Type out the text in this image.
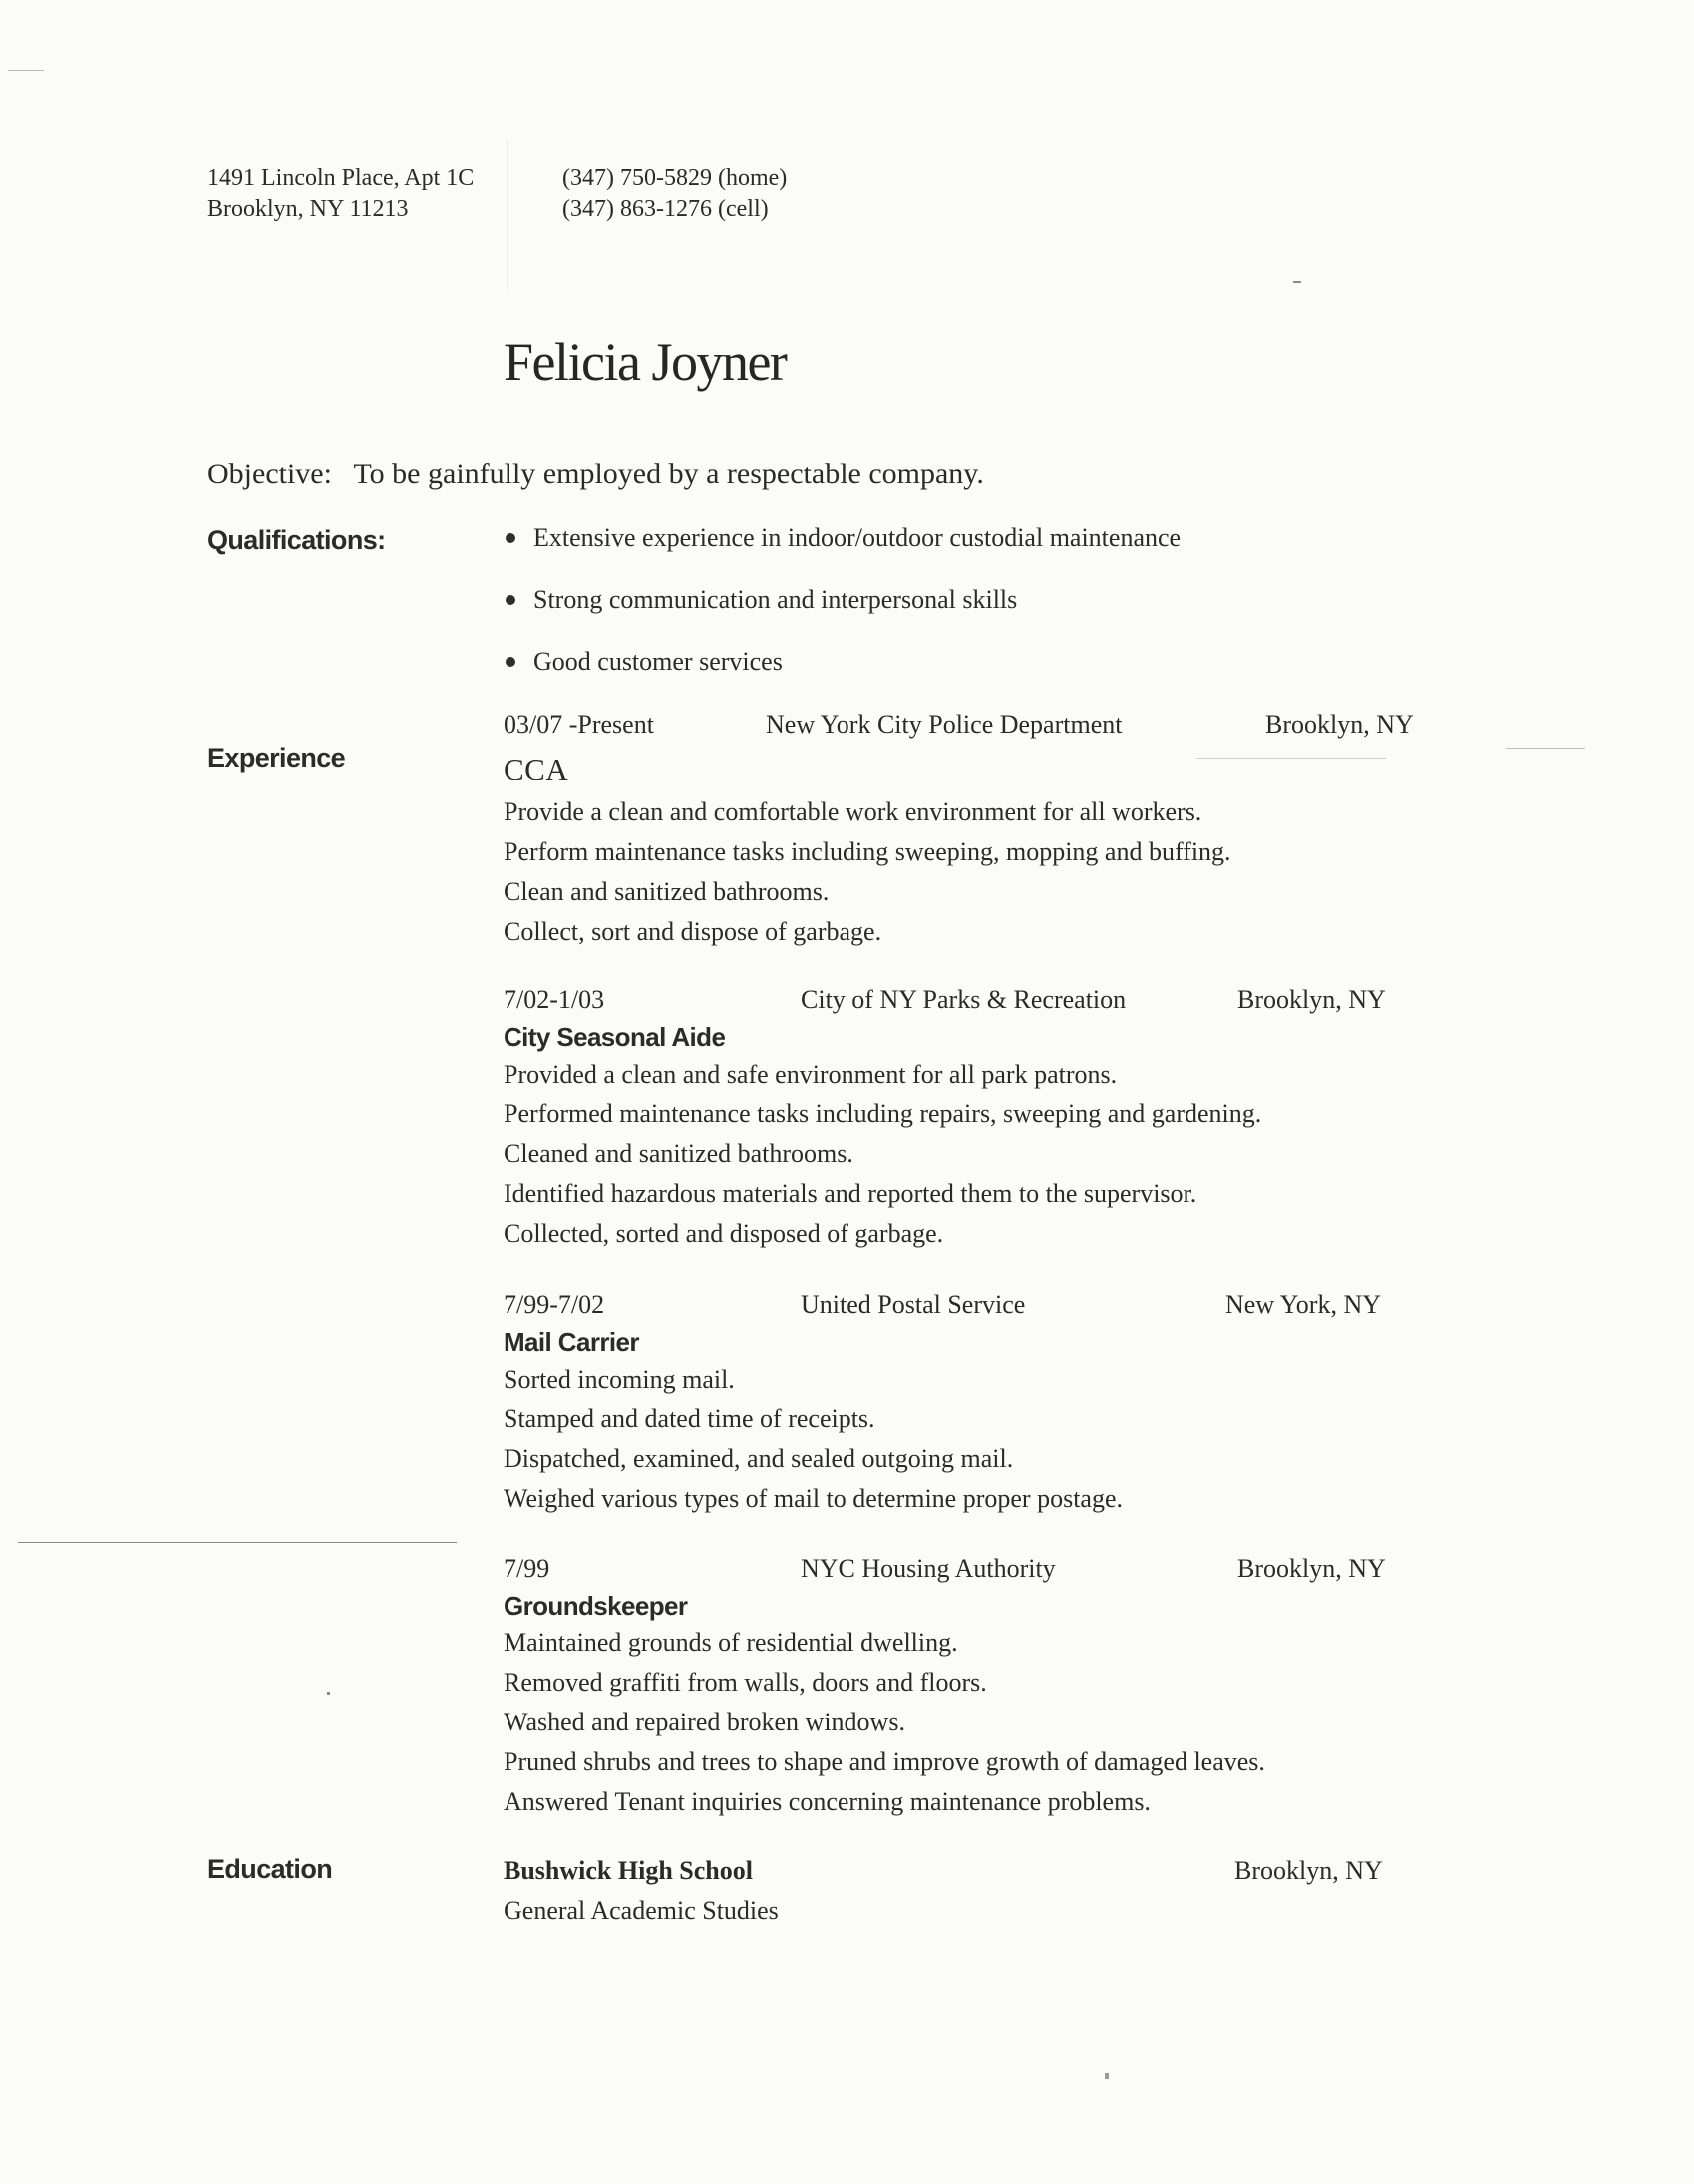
1491 Lincoln Place, Apt 1C
Brooklyn, NY 11213
(347) 750-5829 (home)
(347) 863-1276 (cell)
Felicia Joyner
Objective: To be gainfully employed by a respectable company.
Qualifications:	Extensive experience in indoor/outdoor custodial maintenance
Strong communication and interpersonal skills
Good customer services
Experience
03/07 -Present	New York City Police Department	Brooklyn, NY
CCA
Provide a clean and comfortable work environment for all workers.
Perform maintenance tasks including sweeping, mopping and buffing.
Clean and sanitized bathrooms.
Collect, sort and dispose of garbage.
7/02-1/03	City of NY Parks & Recreation	Brooklyn, NY
City Seasonal Aide
Provided a clean and safe environment for all park patrons.
Performed maintenance tasks including repairs, sweeping and gardening.
Cleaned and sanitized bathrooms.
Identified hazardous materials and reported them to the supervisor.
Collected, sorted and disposed of garbage.
7/99-7/02	United Postal Service	New York, NY
Mail Carrier
Sorted incoming mail.
Stamped and dated time of receipts.
Dispatched, examined, and sealed outgoing mail.
Weighed various types of mail to determine proper postage.
7/99	NYC Housing Authority	Brooklyn, NY
Groundskeeper
Maintained grounds of residential dwelling.
Removed graffiti from walls, doors and floors.
Washed and repaired broken windows.
Pruned shrubs and trees to shape and improve growth of damaged leaves.
Answered Tenant inquiries concerning maintenance problems.
Education	Bushwick High School	Brooklyn, NY
General Academic Studies
